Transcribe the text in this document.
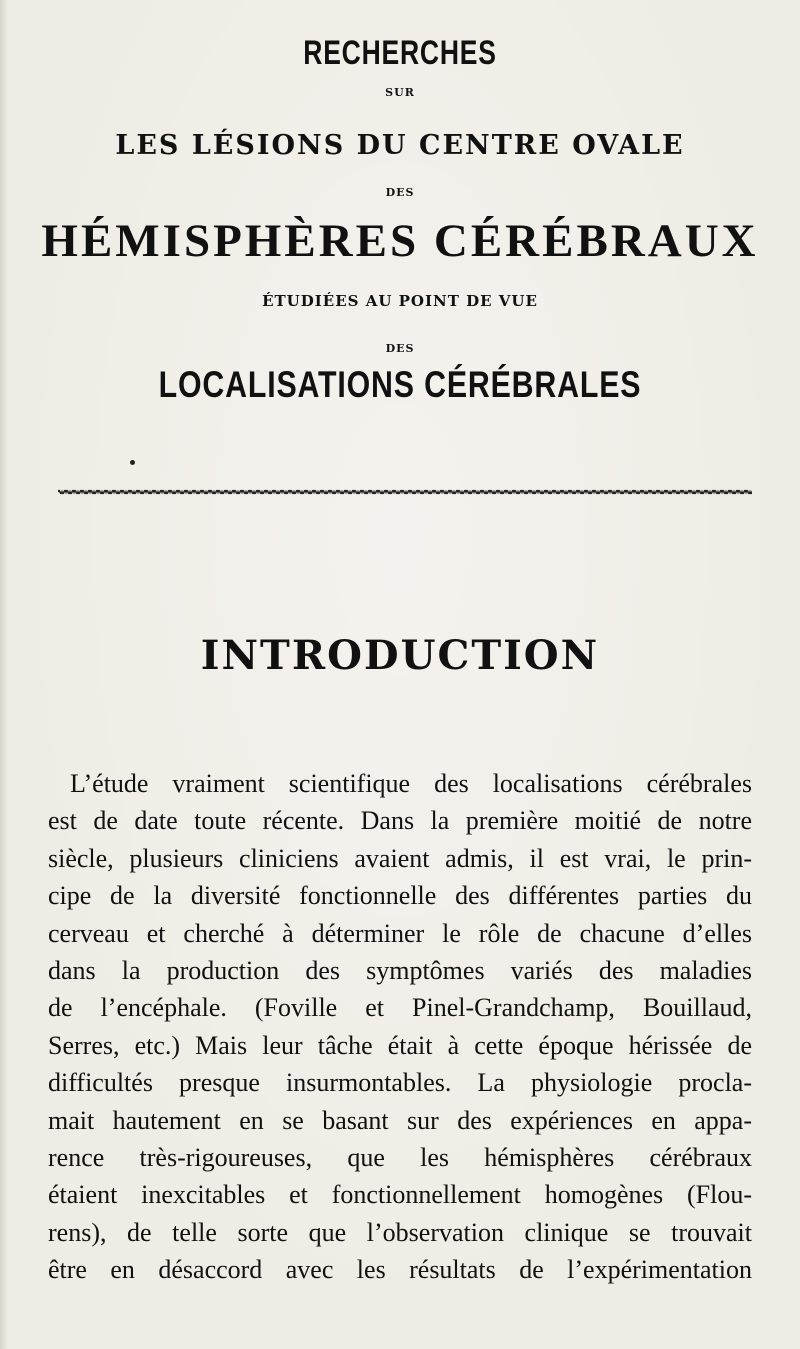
RECHERCHES
SUR
LES LÉSIONS DU CENTRE OVALE
DES
HÉMISPHÈRES CÉRÉBRAUX
ÉTUDIÉES AU POINT DE VUE
DES
LOCALISATIONS CÉRÉBRALES
INTRODUCTION
L’étude vraiment scientifique des localisations cérébrales
est de date toute récente. Dans la première moitié de notre
siècle, plusieurs cliniciens avaient admis, il est vrai, le prin-
cipe de la diversité fonctionnelle des différentes parties du
cerveau et cherché à déterminer le rôle de chacune d’elles
dans la production des symptômes variés des maladies
de l’encéphale. (Foville et Pinel-Grandchamp, Bouillaud,
Serres, etc.) Mais leur tâche était à cette époque hérissée de
difficultés presque insurmontables. La physiologie procla-
mait hautement en se basant sur des expériences en appa-
rence très-rigoureuses, que les hémisphères cérébraux
étaient inexcitables et fonctionnellement homogènes (Flou-
rens), de telle sorte que l’observation clinique se trouvait
être en désaccord avec les résultats de l’expérimentation
